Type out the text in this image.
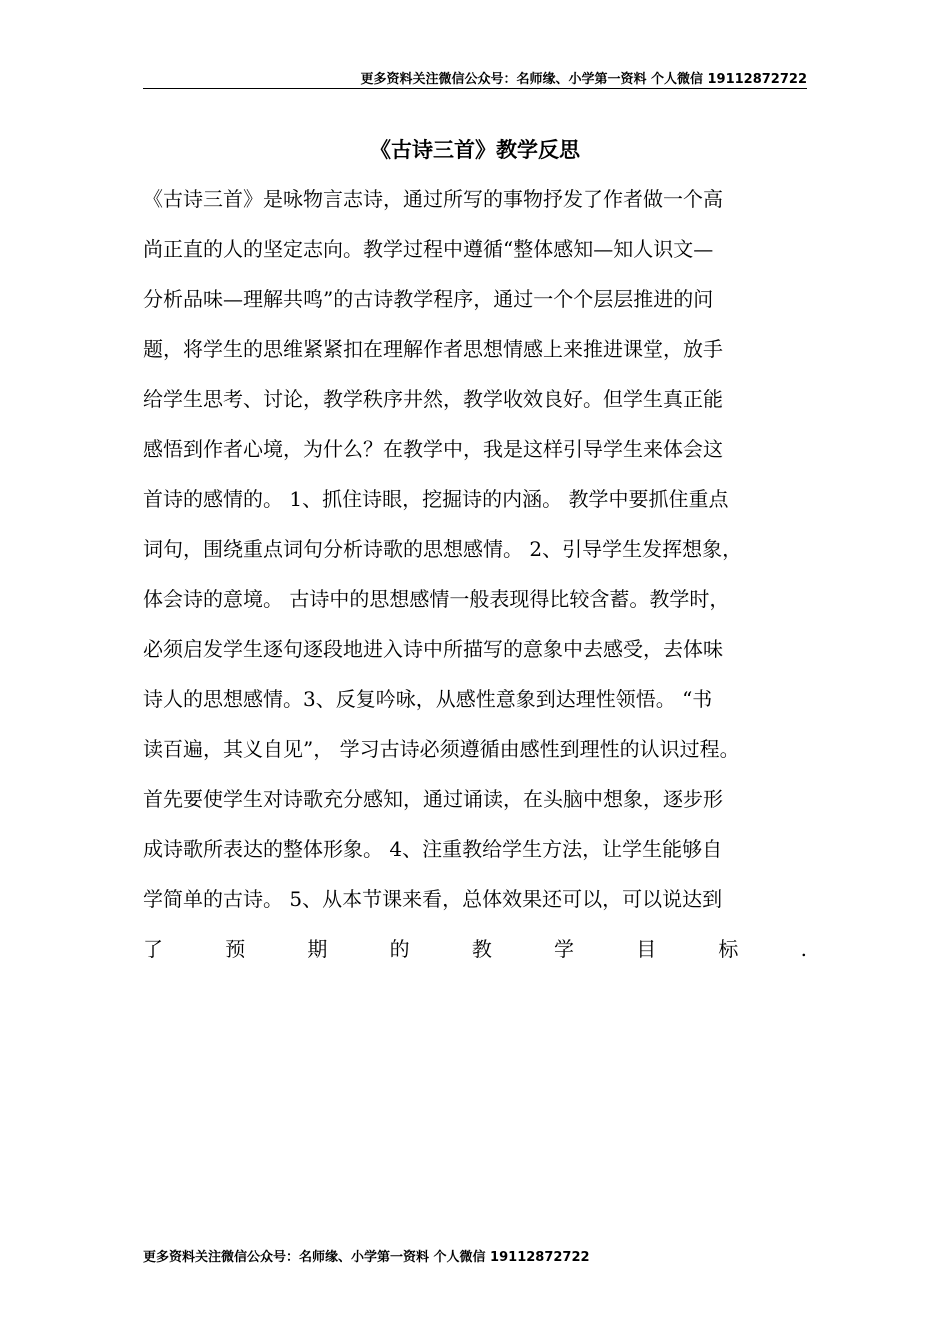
更多资料关注微信公众号：名师缘、小学第一资料 个人微信 19112872722
《古诗三首》教学反思
《古诗三首》是咏物言志诗，通过所写的事物抒发了作者做一个高
尚正直的人的坚定志向。教学过程中遵循“整体感知—知人识文—
分析品味—理解共鸣”的古诗教学程序，通过一个个层层推进的问
题，将学生的思维紧紧扣在理解作者思想情感上来推进课堂，放手
给学生思考、讨论，教学秩序井然，教学收效良好。但学生真正能
感悟到作者心境，为什么？在教学中，我是这样引导学生来体会这
首诗的感情的。 1、抓住诗眼，挖掘诗的内涵。 教学中要抓住重点
词句，围绕重点词句分析诗歌的思想感情。 2、引导学生发挥想象，
体会诗的意境。 古诗中的思想感情一般表现得比较含蓄。教学时，
必须启发学生逐句逐段地进入诗中所描写的意象中去感受，去体味
诗人的思想感情。3、反复吟咏，从感性意象到达理性领悟。 “书
读百遍，其义自见”， 学习古诗必须遵循由感性到理性的认识过程。
首先要使学生对诗歌充分感知，通过诵读，在头脑中想象，逐步形
成诗歌所表达的整体形象。 4、注重教给学生方法，让学生能够自
学简单的古诗。 5、从本节课来看，总体效果还可以，可以说达到
了	预	期	的	教	学	目	标	.
更多资料关注微信公众号：名师缘、小学第一资料 个人微信 19112872722
